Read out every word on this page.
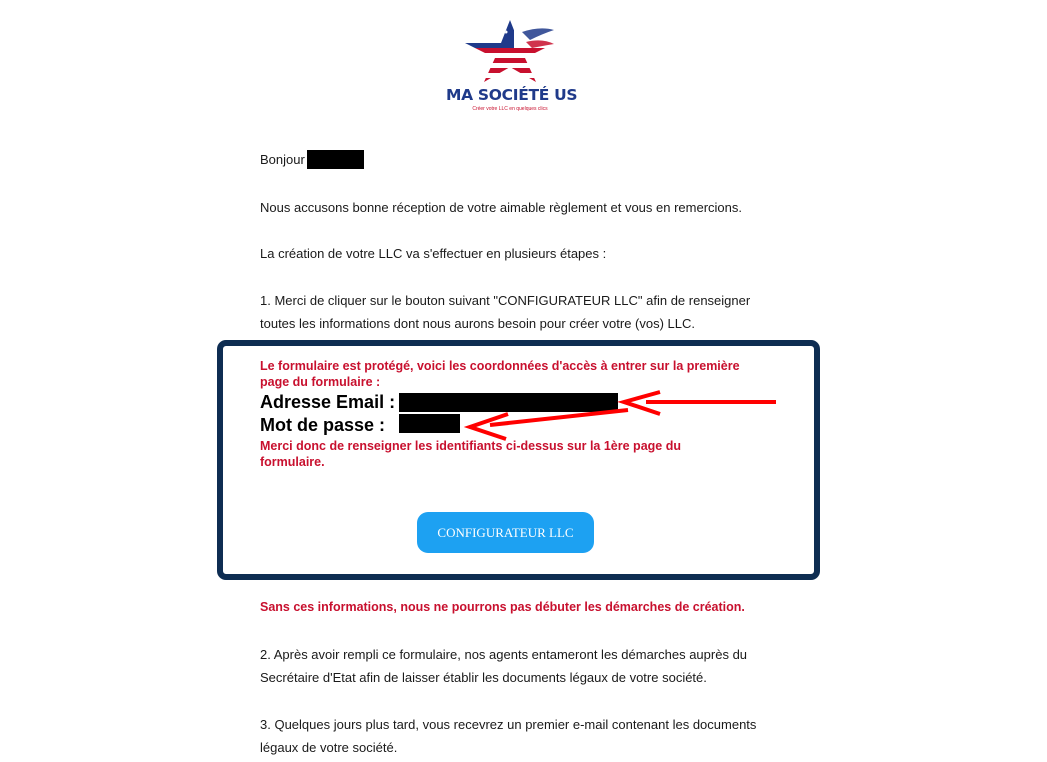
MA SOCIÉTÉ US
Créer votre LLC en quelques clics
Bonjour
Nous accusons bonne réception de votre aimable règlement et vous en remercions.
La création de votre LLC va s'effectuer en plusieurs étapes :
1. Merci de cliquer sur le bouton suivant "CONFIGURATEUR LLC" afin de renseigner
toutes les informations dont nous aurons besoin pour créer votre (vos) LLC.
Le formulaire est protégé, voici les coordonnées d'accès à entrer sur la première
page du formulaire :
Adresse Email :
Mot de passe :
Merci donc de renseigner les identifiants ci-dessus sur la 1ère page du
formulaire.
CONFIGURATEUR LLC
Sans ces informations, nous ne pourrons pas débuter les démarches de création.
2. Après avoir rempli ce formulaire, nos agents entameront les démarches auprès du
Secrétaire d'Etat afin de laisser établir les documents légaux de votre société.
3. Quelques jours plus tard, vous recevrez un premier e-mail contenant les documents
légaux de votre société.
